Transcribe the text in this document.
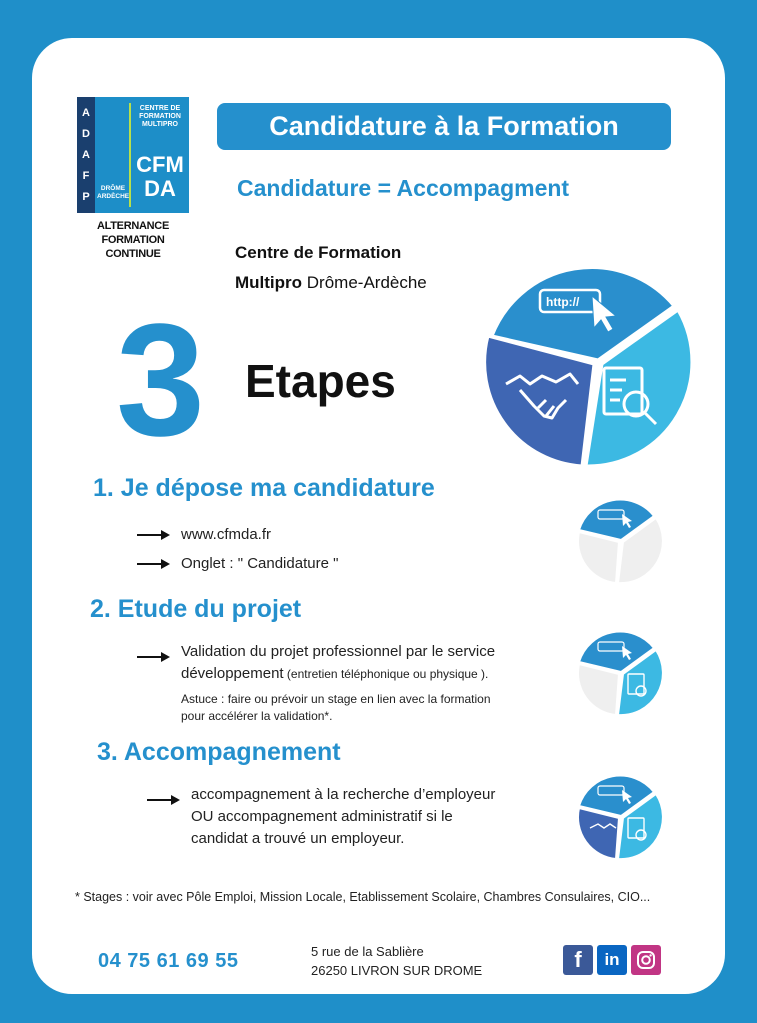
A
D
A
F
P
CENTRE DE
FORMATION
MULTIPRO
CFM
DA
DRÔME
ARDÈCHE
ALTERNANCE
FORMATION CONTINUE
Candidature à la Formation
Candidature = Accompagment
Centre de Formation
Multipro Drôme-Ardèche
3 Etapes
http://
1. Je dépose ma candidature
www.cfmda.fr
Onglet : " Candidature "
2. Etude du projet
Validation du projet professionnel par le service
développement (entretien téléphonique ou physique ).
Astuce : faire ou prévoir un stage en lien avec la formation
pour accélérer la validation*.
3. Accompagnement
accompagnement à la recherche d’employeur
OU accompagnement administratif si le
candidat a trouvé un employeur.
* Stages : voir avec Pôle Emploi, Mission Locale, Etablissement Scolaire, Chambres Consulaires, CIO...
04 75 61 69 55	5 rue de la Sablière
26250 LIVRON SUR DROME	f	in
